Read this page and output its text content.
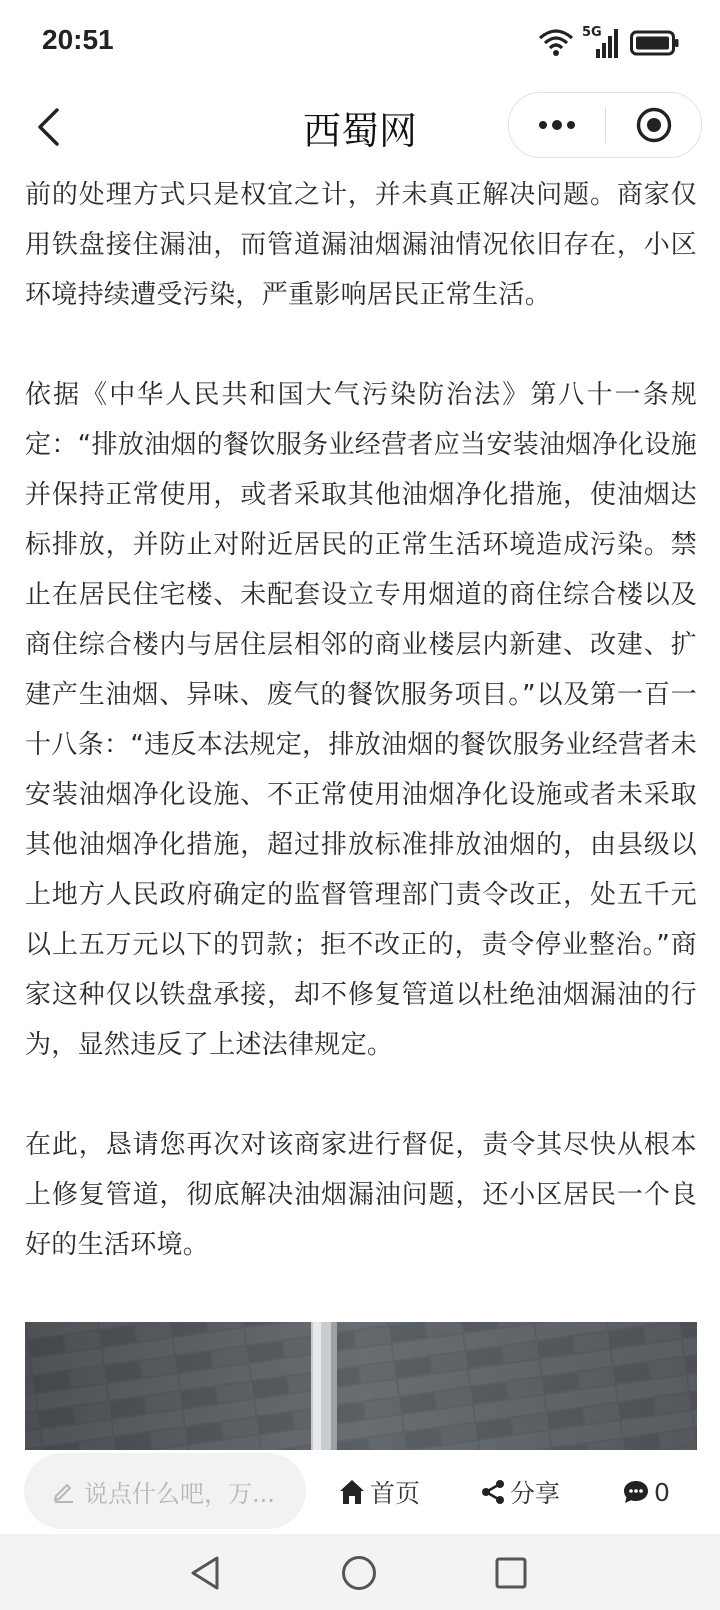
20:51	5G
西蜀网

前的处理方式只是权宜之计，并未真正解决问题。商家仅用铁盘接住漏油，而管道漏油烟漏油情况依旧存在，小区环境持续遭受污染，严重影响居民正常生活。

依据《中华人民共和国大气污染防治法》第八十一条规定：“排放油烟的餐饮服务业经营者应当安装油烟净化设施并保持正常使用，或者采取其他油烟净化措施，使油烟达标排放，并防止对附近居民的正常生活环境造成污染。禁止在居民住宅楼、未配套设立专用烟道的商住综合楼以及商住综合楼内与居住层相邻的商业楼层内新建、改建、扩建产生油烟、异味、废气的餐饮服务项目。”以及第一百一十八条：“违反本法规定，排放油烟的餐饮服务业经营者未安装油烟净化设施、不正常使用油烟净化设施或者未采取其他油烟净化措施，超过排放标准排放油烟的，由县级以上地方人民政府确定的监督管理部门责令改正，处五千元以上五万元以下的罚款；拒不改正的，责令停业整治。”商家这种仅以铁盘承接，却不修复管道以杜绝油烟漏油的行为，显然违反了上述法律规定。

在此，恳请您再次对该商家进行督促，责令其尽快从根本上修复管道，彻底解决油烟漏油问题，还小区居民一个良好的生活环境。

说点什么吧，万...	首页	分享	0
